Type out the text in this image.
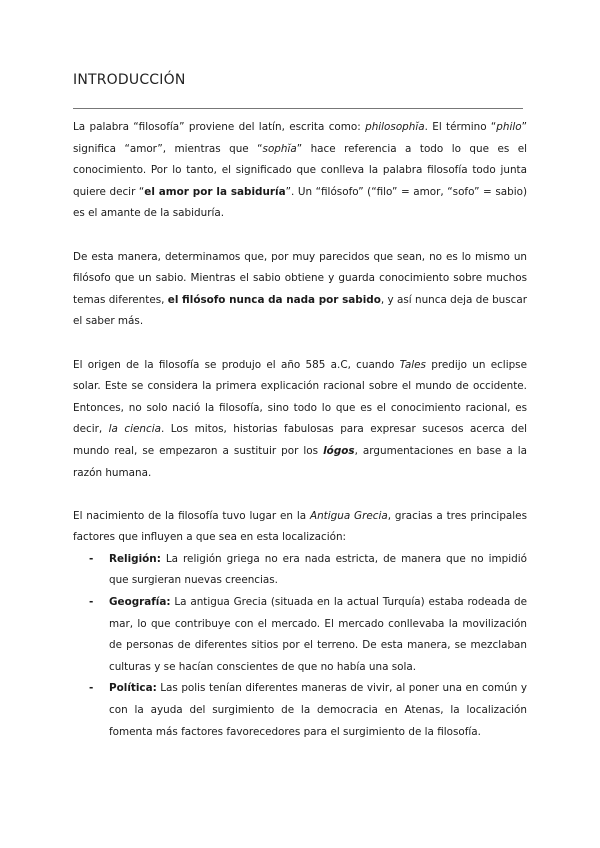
INTRODUCCIÓN

La palabra “filosofía” proviene del latín, escrita como: philosophĭa. El término “philo” significa “amor”, mientras que “sophĭa” hace referencia a todo lo que es el conocimiento. Por lo tanto, el significado que conlleva la palabra filosofía todo junta quiere decir “el amor por la sabiduría”. Un “filósofo” (“filo” = amor, “sofo” = sabio) es el amante de la sabiduría.

De esta manera, determinamos que, por muy parecidos que sean, no es lo mismo un filósofo que un sabio. Mientras el sabio obtiene y guarda conocimiento sobre muchos temas diferentes, el filósofo nunca da nada por sabido, y así nunca deja de buscar el saber más.

El origen de la filosofía se produjo el año 585 a.C, cuando Tales predijo un eclipse solar. Este se considera la primera explicación racional sobre el mundo de occidente. Entonces, no solo nació la filosofía, sino todo lo que es el conocimiento racional, es decir, la ciencia. Los mitos, historias fabulosas para expresar sucesos acerca del mundo real, se empezaron a sustituir por los lógos, argumentaciones en base a la razón humana.

El nacimiento de la filosofía tuvo lugar en la Antigua Grecia, gracias a tres principales factores que influyen a que sea en esta localización:

- Religión: La religión griega no era nada estricta, de manera que no impidió que surgieran nuevas creencias.
- Geografía: La antigua Grecia (situada en la actual Turquía) estaba rodeada de mar, lo que contribuye con el mercado. El mercado conllevaba la movilización de personas de diferentes sitios por el terreno. De esta manera, se mezclaban culturas y se hacían conscientes de que no había una sola.
- Política: Las polis tenían diferentes maneras de vivir, al poner una en común y con la ayuda del surgimiento de la democracia en Atenas, la localización fomenta más factores favorecedores para el surgimiento de la filosofía.
